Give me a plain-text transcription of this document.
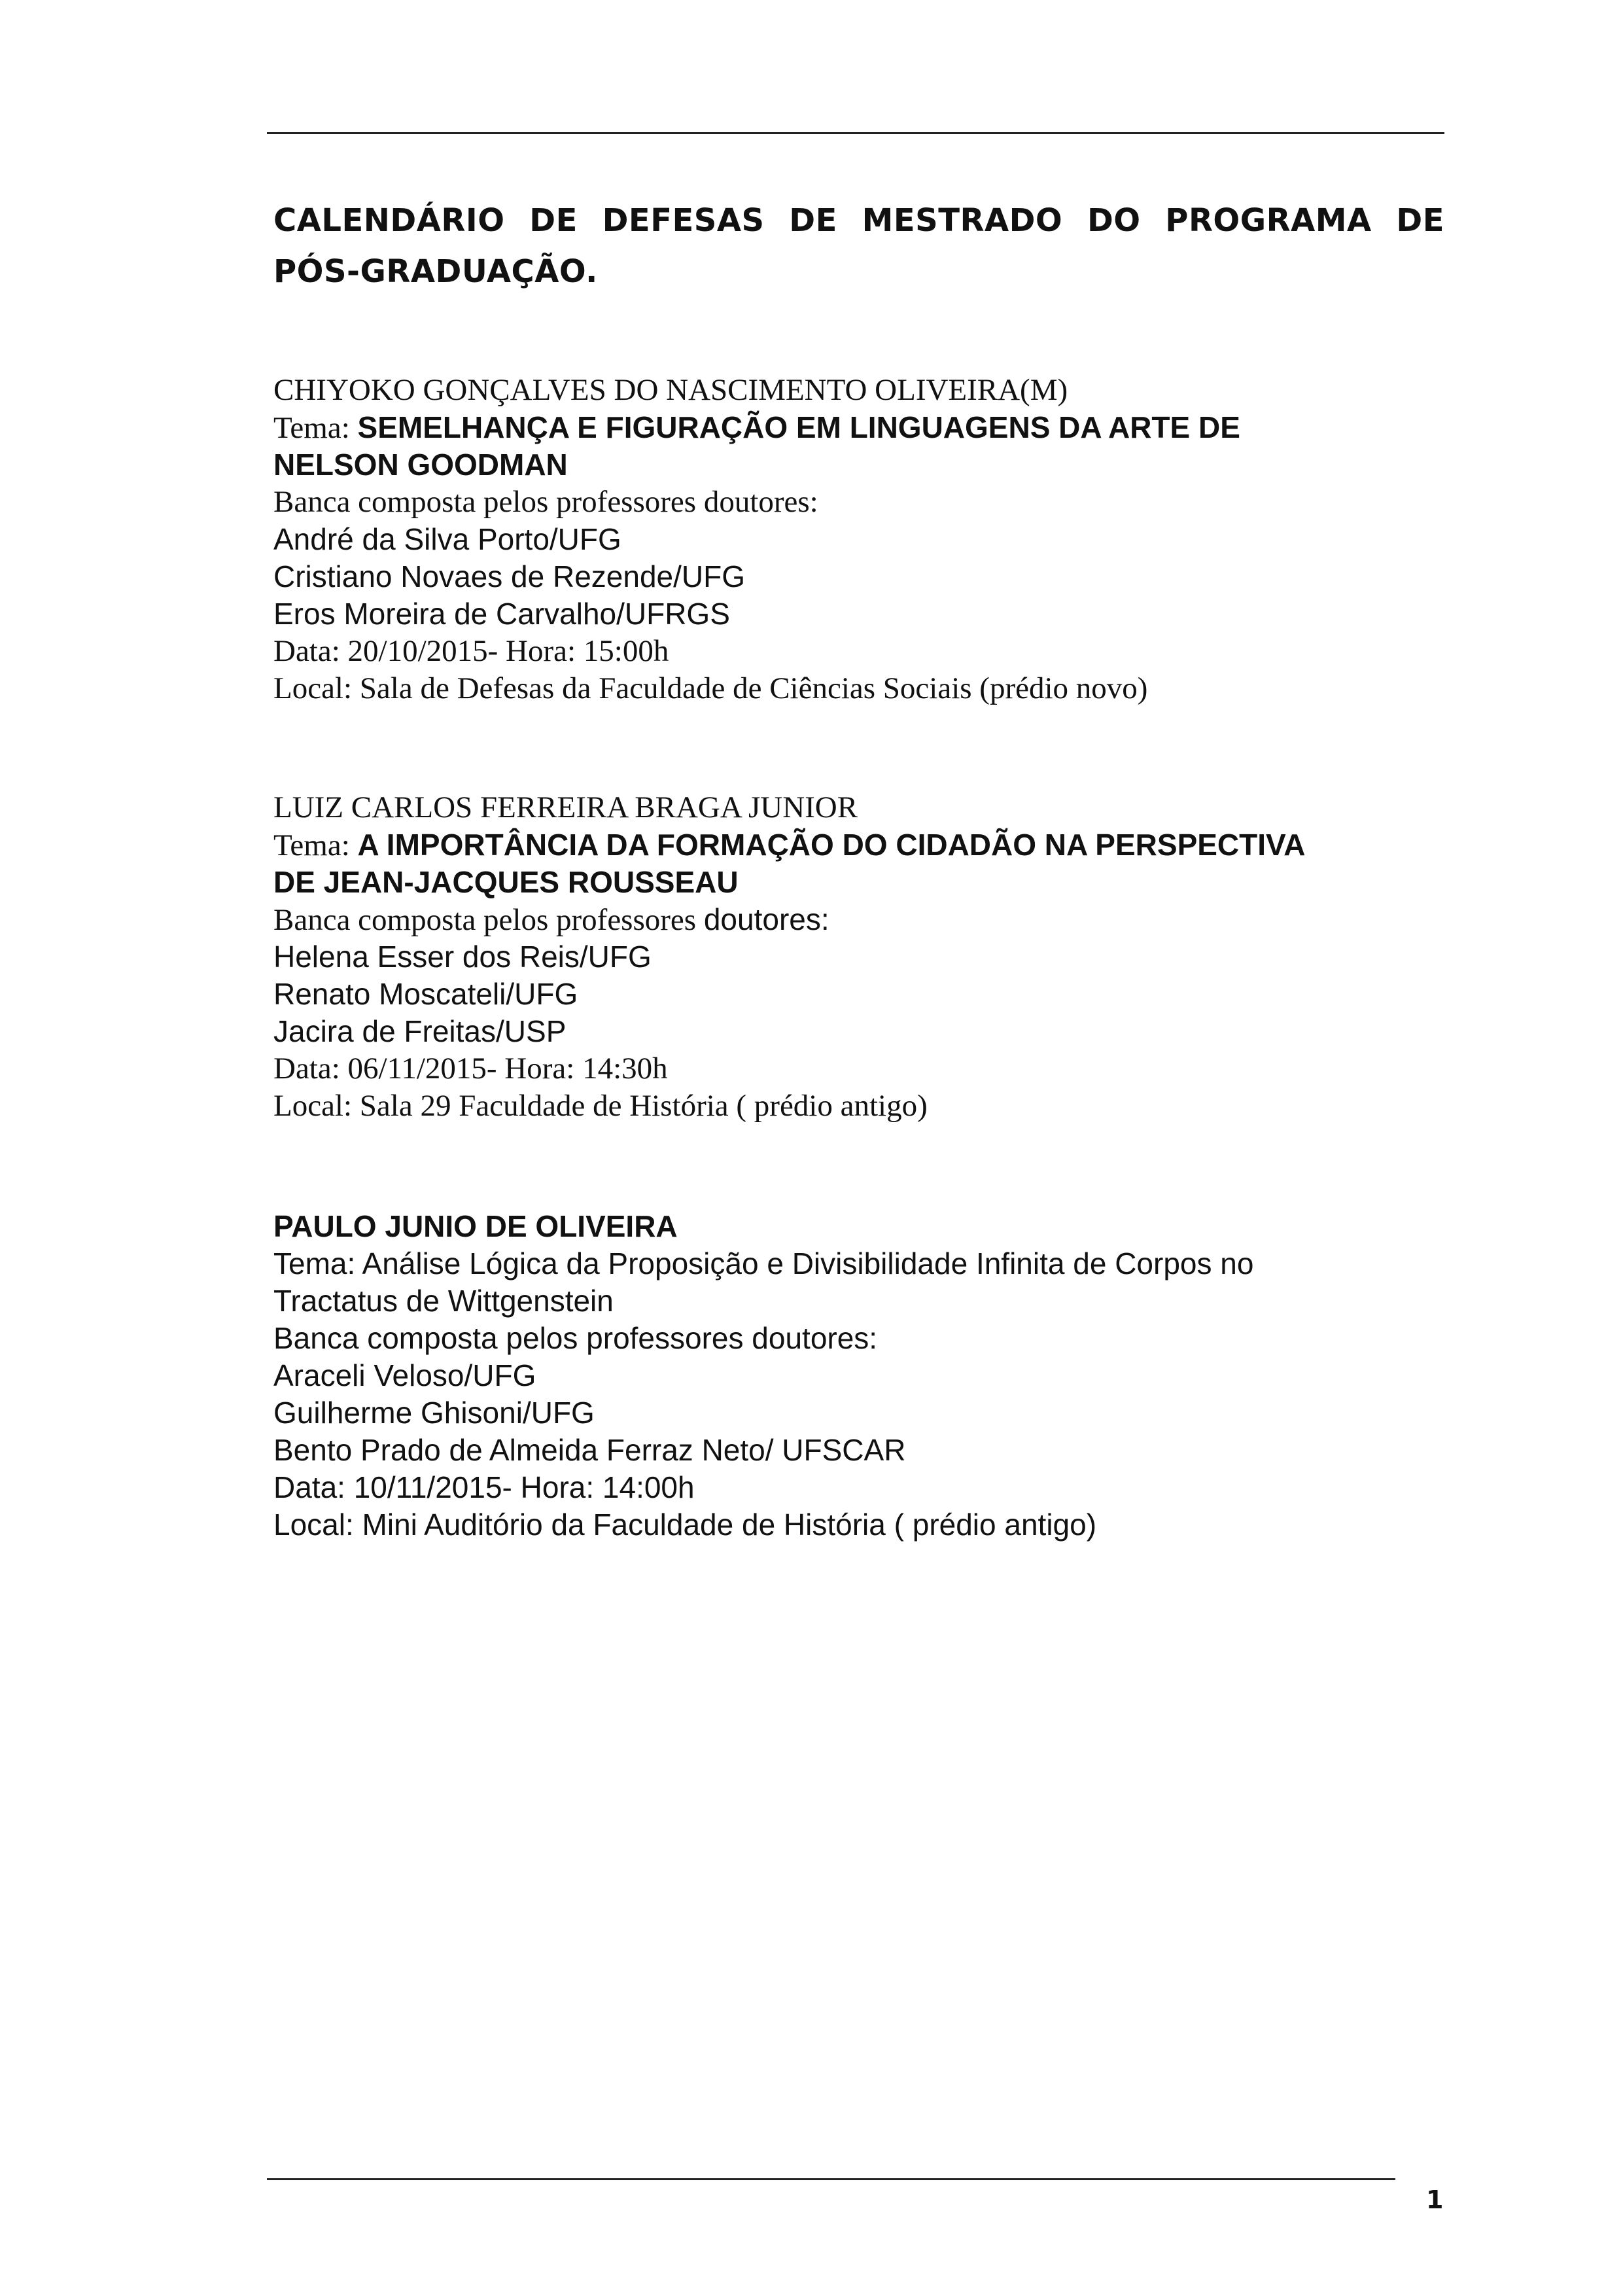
CALENDÁRIO DE DEFESAS DE MESTRADO DO PROGRAMA DE PÓS-GRADUAÇÃO.

CHIYOKO GONÇALVES DO NASCIMENTO OLIVEIRA(M)
Tema: SEMELHANÇA E FIGURAÇÃO EM LINGUAGENS DA ARTE DE
NELSON GOODMAN
Banca composta pelos professores doutores:
André da Silva Porto/UFG
Cristiano Novaes de Rezende/UFG
Eros Moreira de Carvalho/UFRGS
Data: 20/10/2015- Hora: 15:00h
Local: Sala de Defesas da Faculdade de Ciências Sociais (prédio novo)
LUIZ CARLOS FERREIRA BRAGA JUNIOR
Tema: A IMPORTÂNCIA DA FORMAÇÃO DO CIDADÃO NA PERSPECTIVA
DE JEAN-JACQUES ROUSSEAU
Banca composta pelos professores doutores:
Helena Esser dos Reis/UFG
Renato Moscateli/UFG
Jacira de Freitas/USP
Data: 06/11/2015- Hora: 14:30h
Local: Sala 29 Faculdade de História ( prédio antigo)
PAULO JUNIO DE OLIVEIRA
Tema: Análise Lógica da Proposição e Divisibilidade Infinita de Corpos no
Tractatus de Wittgenstein
Banca composta pelos professores doutores:
Araceli Veloso/UFG
Guilherme Ghisoni/UFG
Bento Prado de Almeida Ferraz Neto/ UFSCAR
Data: 10/11/2015- Hora: 14:00h
Local: Mini Auditório da Faculdade de História ( prédio antigo)
1
